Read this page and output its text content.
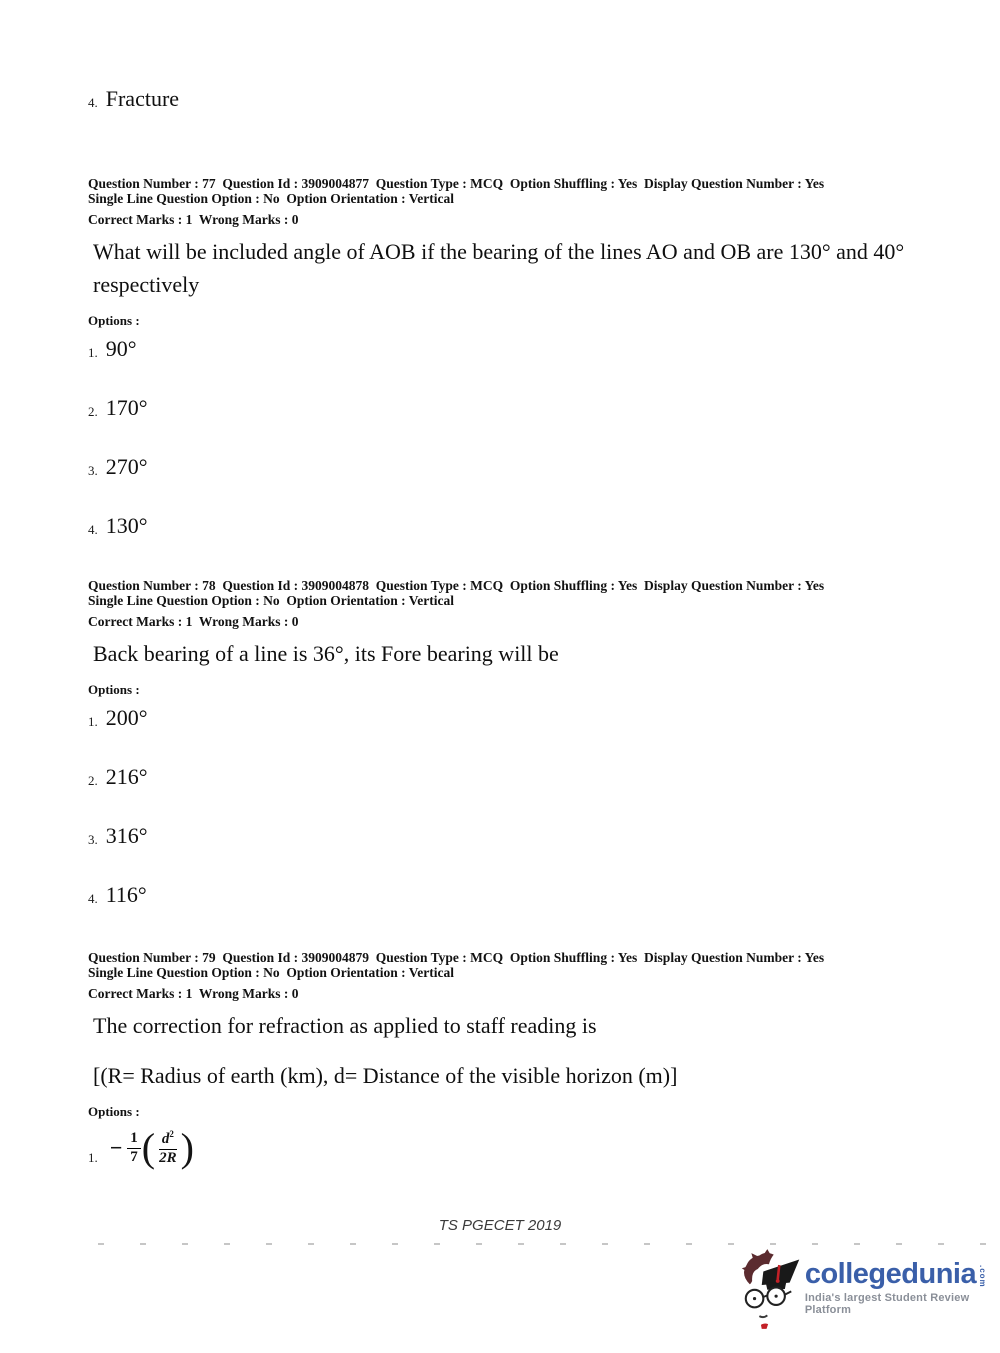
4. Fracture
Question Number : 77  Question Id : 3909004877  Question Type : MCQ  Option Shuffling : Yes  Display Question Number : Yes
Single Line Question Option : No  Option Orientation : Vertical
Correct Marks : 1  Wrong Marks : 0
What will be included angle of AOB if the bearing of the lines AO and OB are 130° and 40° respectively
Options :
1. 90°
2. 170°
3. 270°
4. 130°
Question Number : 78  Question Id : 3909004878  Question Type : MCQ  Option Shuffling : Yes  Display Question Number : Yes
Single Line Question Option : No  Option Orientation : Vertical
Correct Marks : 1  Wrong Marks : 0
Back bearing of a line is 36°, its Fore bearing will be
Options :
1. 200°
2. 216°
3. 316°
4. 116°
Question Number : 79  Question Id : 3909004879  Question Type : MCQ  Option Shuffling : Yes  Display Question Number : Yes
Single Line Question Option : No  Option Orientation : Vertical
Correct Marks : 1  Wrong Marks : 0
The correction for refraction as applied to staff reading is
[(R= Radius of earth (km), d= Distance of the visible horizon (m)]
Options :
1. − $\frac{1}{7}$ ( $\frac{d^2}{2R}$ )
TS PGECET 2019
collegedunia .com
India's largest Student Review Platform
